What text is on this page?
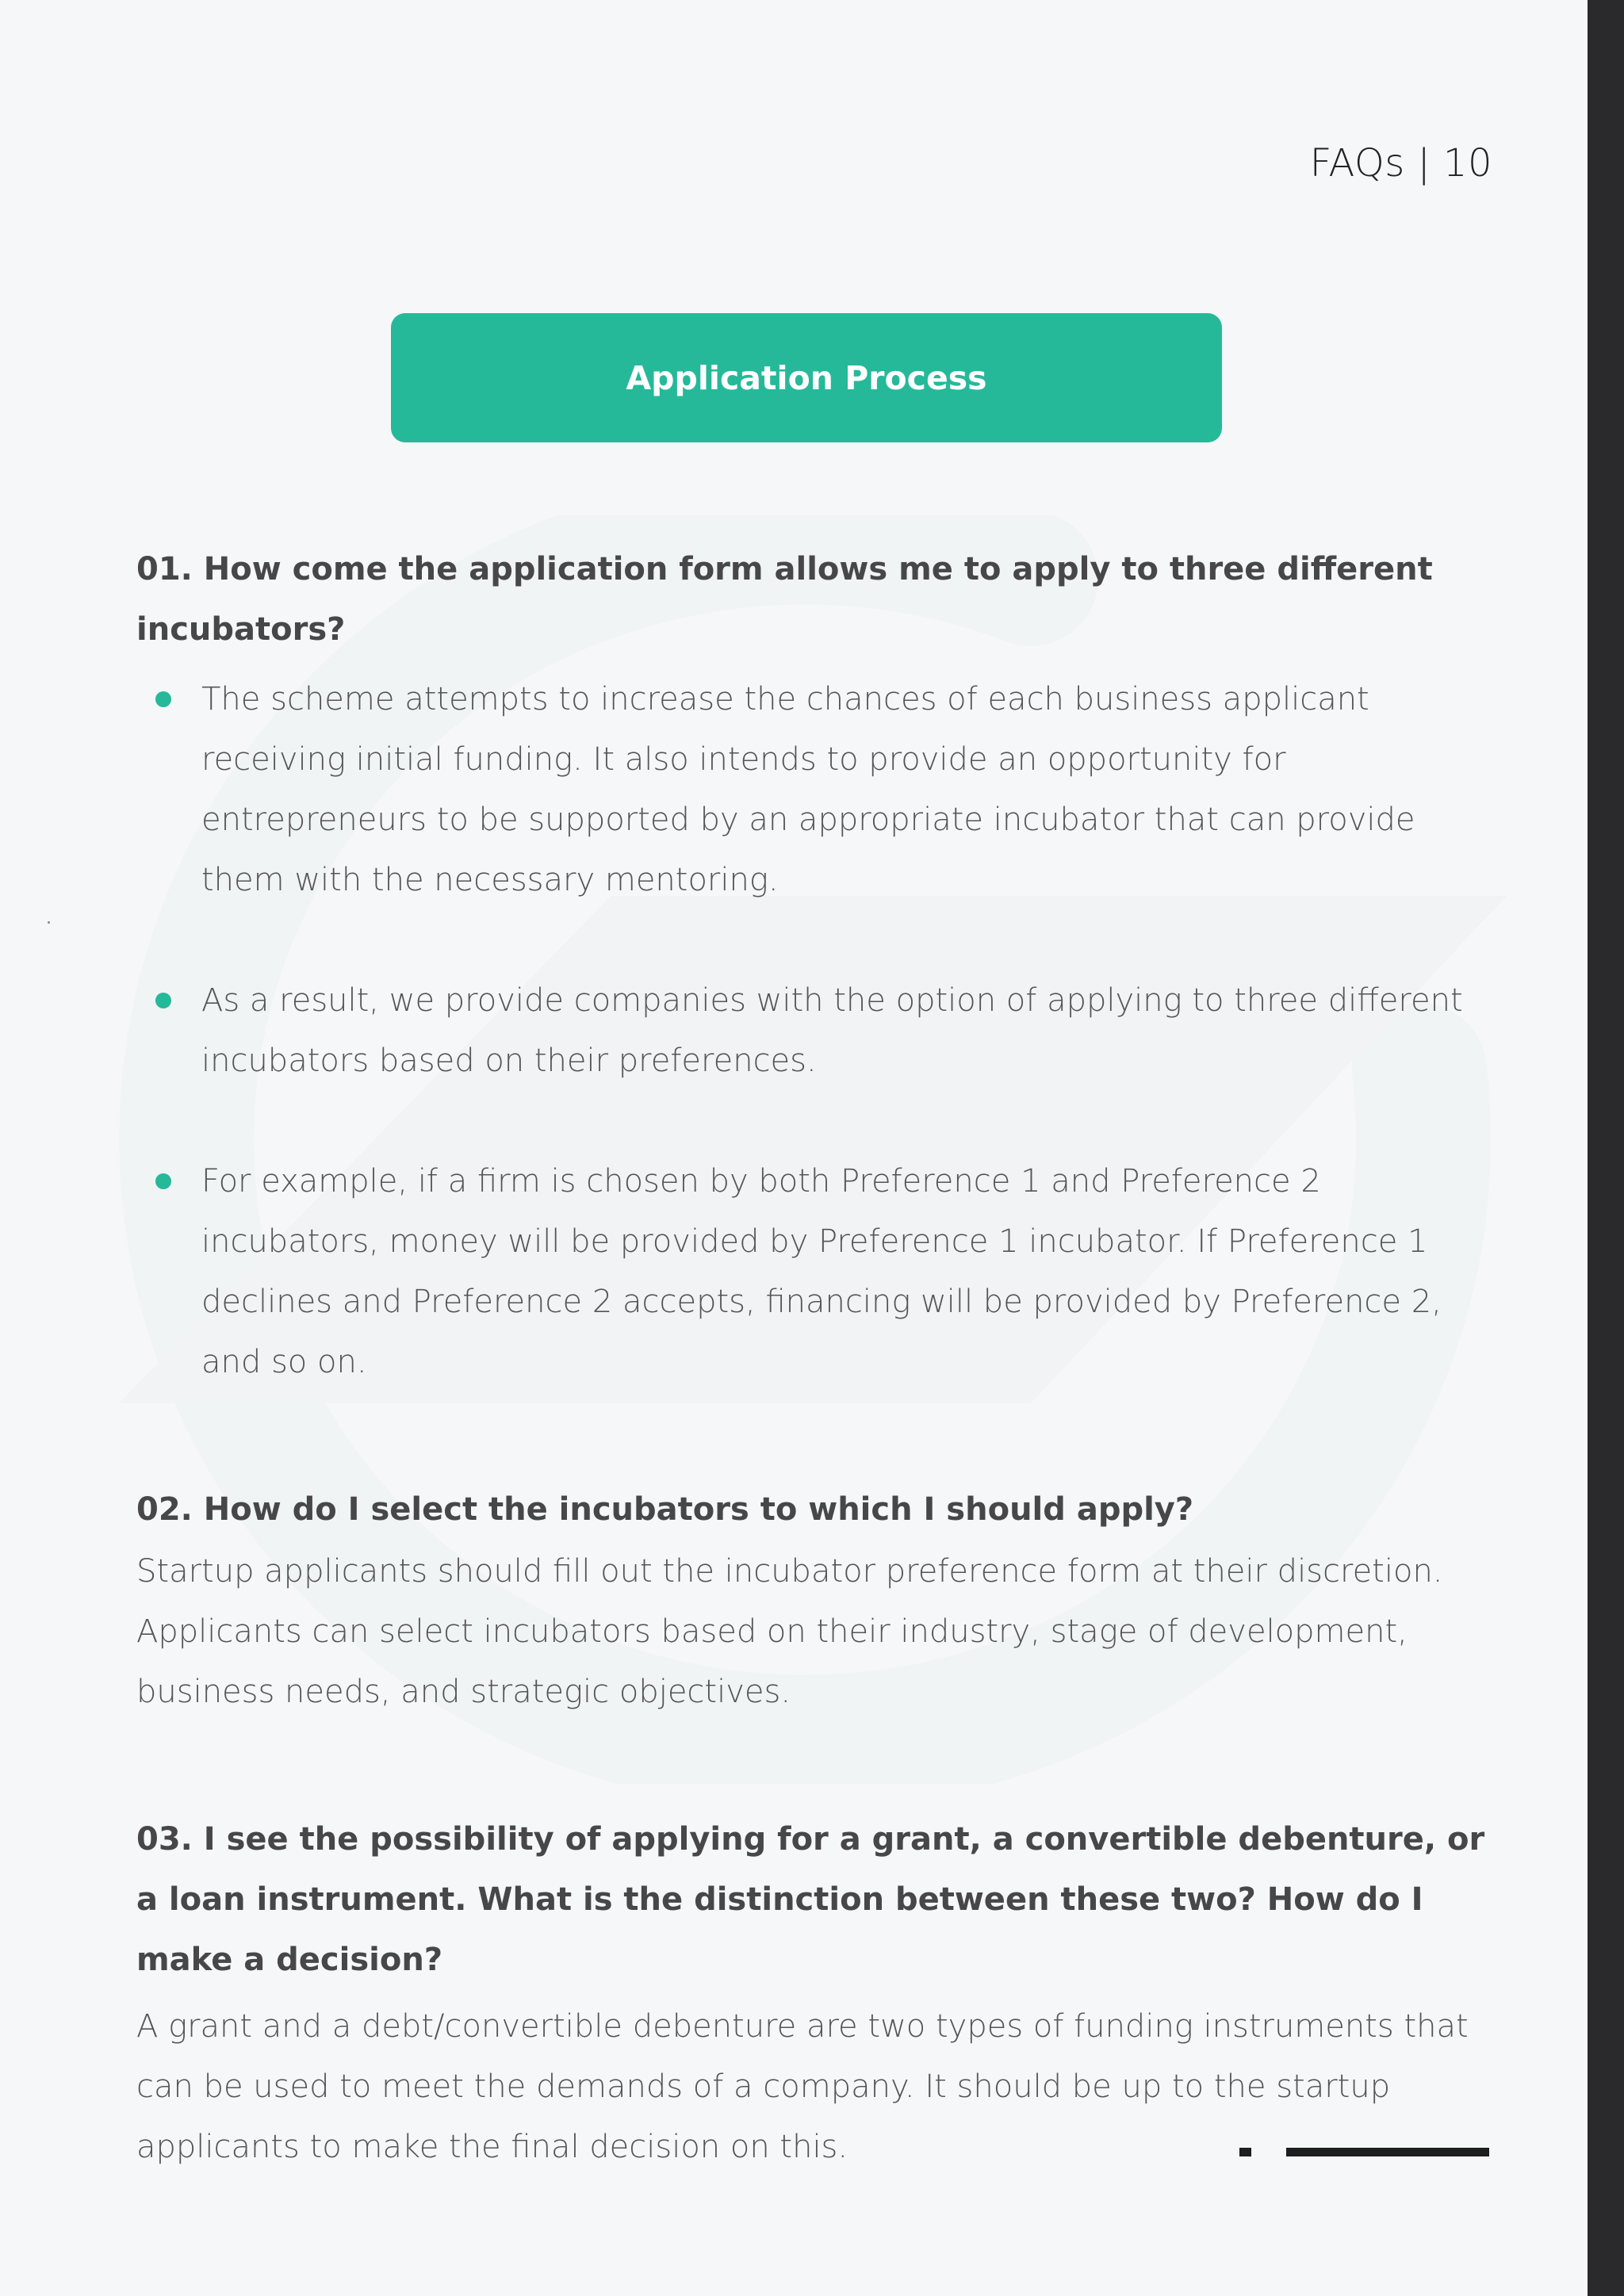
FAQs | 10
Application Process

01. How come the application form allows me to apply to three different incubators?

The scheme attempts to increase the chances of each business applicant receiving initial funding. It also intends to provide an opportunity for entrepreneurs to be supported by an appropriate incubator that can provide them with the necessary mentoring.

As a result, we provide companies with the option of applying to three different incubators based on their preferences.

For example, if a firm is chosen by both Preference 1 and Preference 2 incubators, money will be provided by Preference 1 incubator. If Preference 1 declines and Preference 2 accepts, financing will be provided by Preference 2, and so on.

02. How do I select the incubators to which I should apply?

Startup applicants should fill out the incubator preference form at their discretion. Applicants can select incubators based on their industry, stage of development, business needs, and strategic objectives.

03. I see the possibility of applying for a grant, a convertible debenture, or a loan instrument. What is the distinction between these two? How do I make a decision?

A grant and a debt/convertible debenture are two types of funding instruments that can be used to meet the demands of a company. It should be up to the startup applicants to make the final decision on this.
